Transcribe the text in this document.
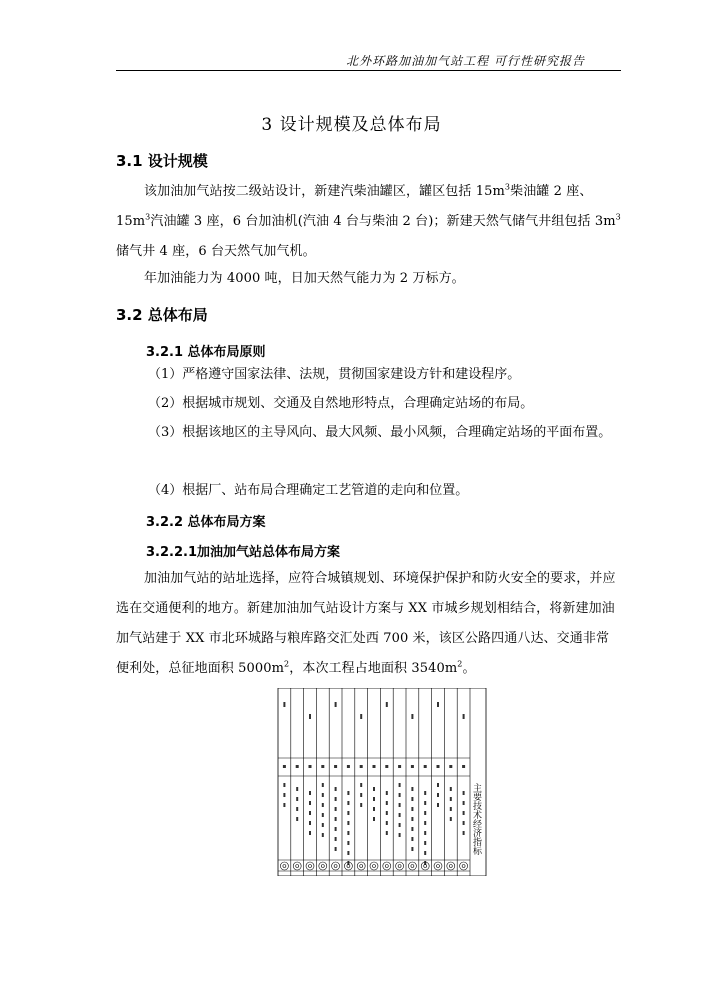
北外环路加油加气站工程 可行性研究报告
3 设计规模及总体布局
3.1 设计规模
该加油加气站按二级站设计，新建汽柴油罐区，罐区包括 $15m^3$柴油罐 2 座、$15m^3$汽油罐 3 座，6 台加油机(汽油 4 台与柴油 2 台)；新建天然气储气井组包括 $3m^3$储气井 4 座，6 台天然气加气机。
年加油能力为 4000 吨，日加天然气能力为 2 万标方。
3.2 总体布局
3.2.1 总体布局原则
（1）严格遵守国家法律、法规，贯彻国家建设方针和建设程序。
（2）根据城市规划、交通及自然地形特点，合理确定站场的布局。
（3）根据该地区的主导风向、最大风频、最小风频，合理确定站场的平面布置。
（4）根据厂、站布局合理确定工艺管道的走向和位置。
3.2.2 总体布局方案
3.2.2.1加油加气站总体布局方案
加油加气站的站址选择，应符合城镇规划、环境保护保护和防火安全的要求，并应选在交通便利的地方。新建加油加气站设计方案与 XX 市城乡规划相结合，将新建加油加气站建于 XX 市北环城路与粮库路交汇处西 700 米，该区公路四通八达、交通非常便利处，总征地面积 $5000m^2$，本次工程占地面积 $3540m^2$。
主要技术经济指标
